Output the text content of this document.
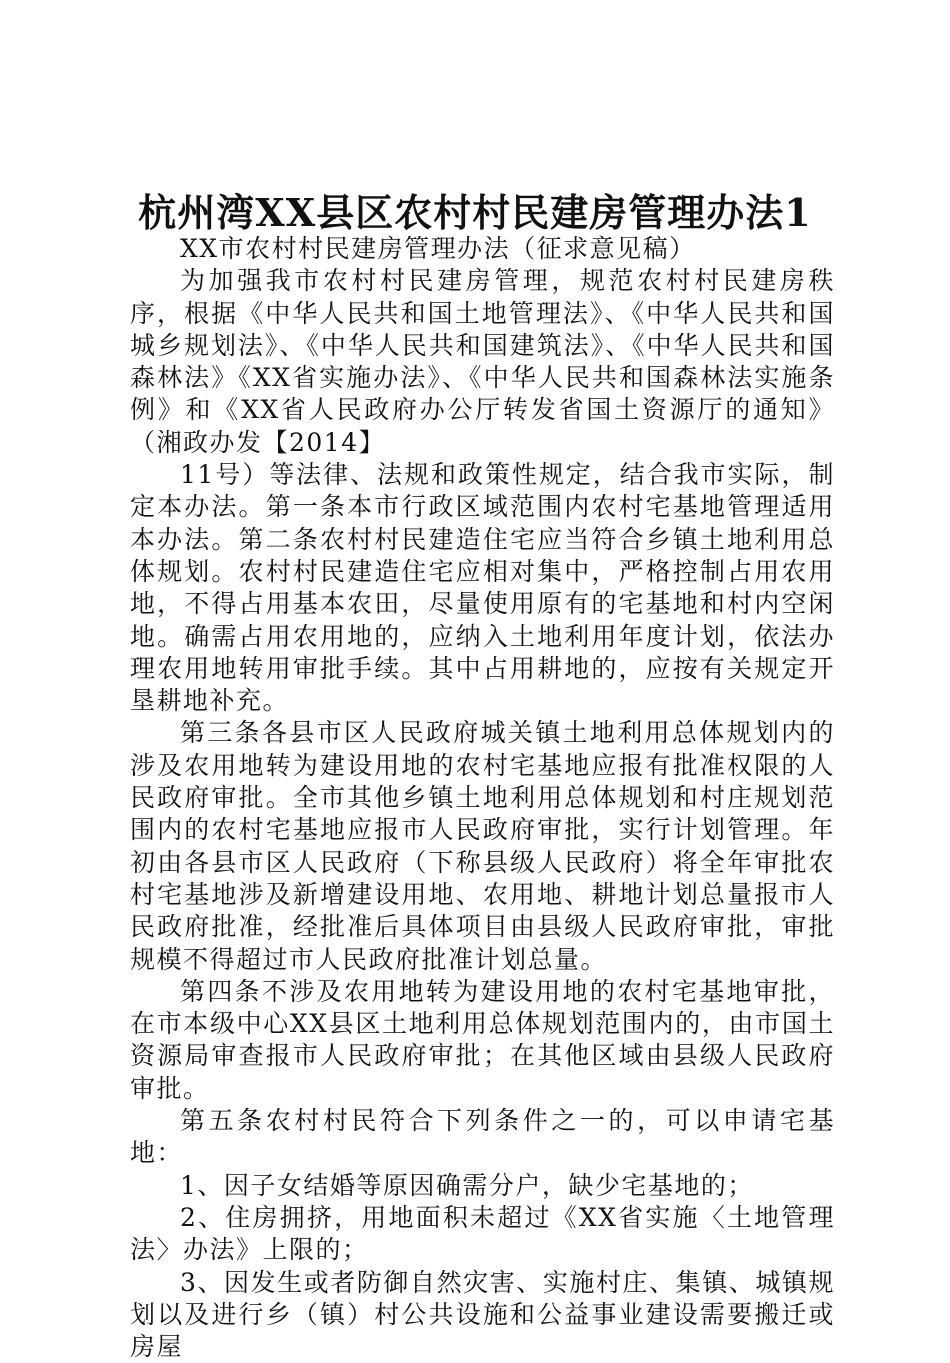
杭州湾XX县区农村村民建房管理办法1

XX市农村村民建房管理办法（征求意见稿）

为加强我市农村村民建房管理，规范农村村民建房秩序，根据《中华人民共和国土地管理法》、《中华人民共和国城乡规划法》、《中华人民共和国建筑法》、《中华人民共和国森林法》《XX省实施办法》、《中华人民共和国森林法实施条例》和《XX省人民政府办公厅转发省国土资源厅的通知》（湘政办发【2014】

11号）等法律、法规和政策性规定，结合我市实际，制定本办法。第一条本市行政区域范围内农村宅基地管理适用本办法。第二条农村村民建造住宅应当符合乡镇土地利用总体规划。农村村民建造住宅应相对集中，严格控制占用农用地，不得占用基本农田，尽量使用原有的宅基地和村内空闲地。确需占用农用地的，应纳入土地利用年度计划，依法办理农用地转用审批手续。其中占用耕地的，应按有关规定开垦耕地补充。

第三条各县市区人民政府城关镇土地利用总体规划内的涉及农用地转为建设用地的农村宅基地应报有批准权限的人民政府审批。全市其他乡镇土地利用总体规划和村庄规划范围内的农村宅基地应报市人民政府审批，实行计划管理。年初由各县市区人民政府（下称县级人民政府）将全年审批农村宅基地涉及新增建设用地、农用地、耕地计划总量报市人民政府批准，经批准后具体项目由县级人民政府审批，审批规模不得超过市人民政府批准计划总量。

第四条不涉及农用地转为建设用地的农村宅基地审批，在市本级中心XX县区土地利用总体规划范围内的，由市国土资源局审查报市人民政府审批；在其他区域由县级人民政府审批。

第五条农村村民符合下列条件之一的，可以申请宅基地：

1、因子女结婚等原因确需分户，缺少宅基地的；

2、住房拥挤，用地面积未超过《XX省实施〈土地管理法〉办法》上限的；

3、因发生或者防御自然灾害、实施村庄、集镇、城镇规划以及进行乡（镇）村公共设施和公益事业建设需要搬迁或房屋
